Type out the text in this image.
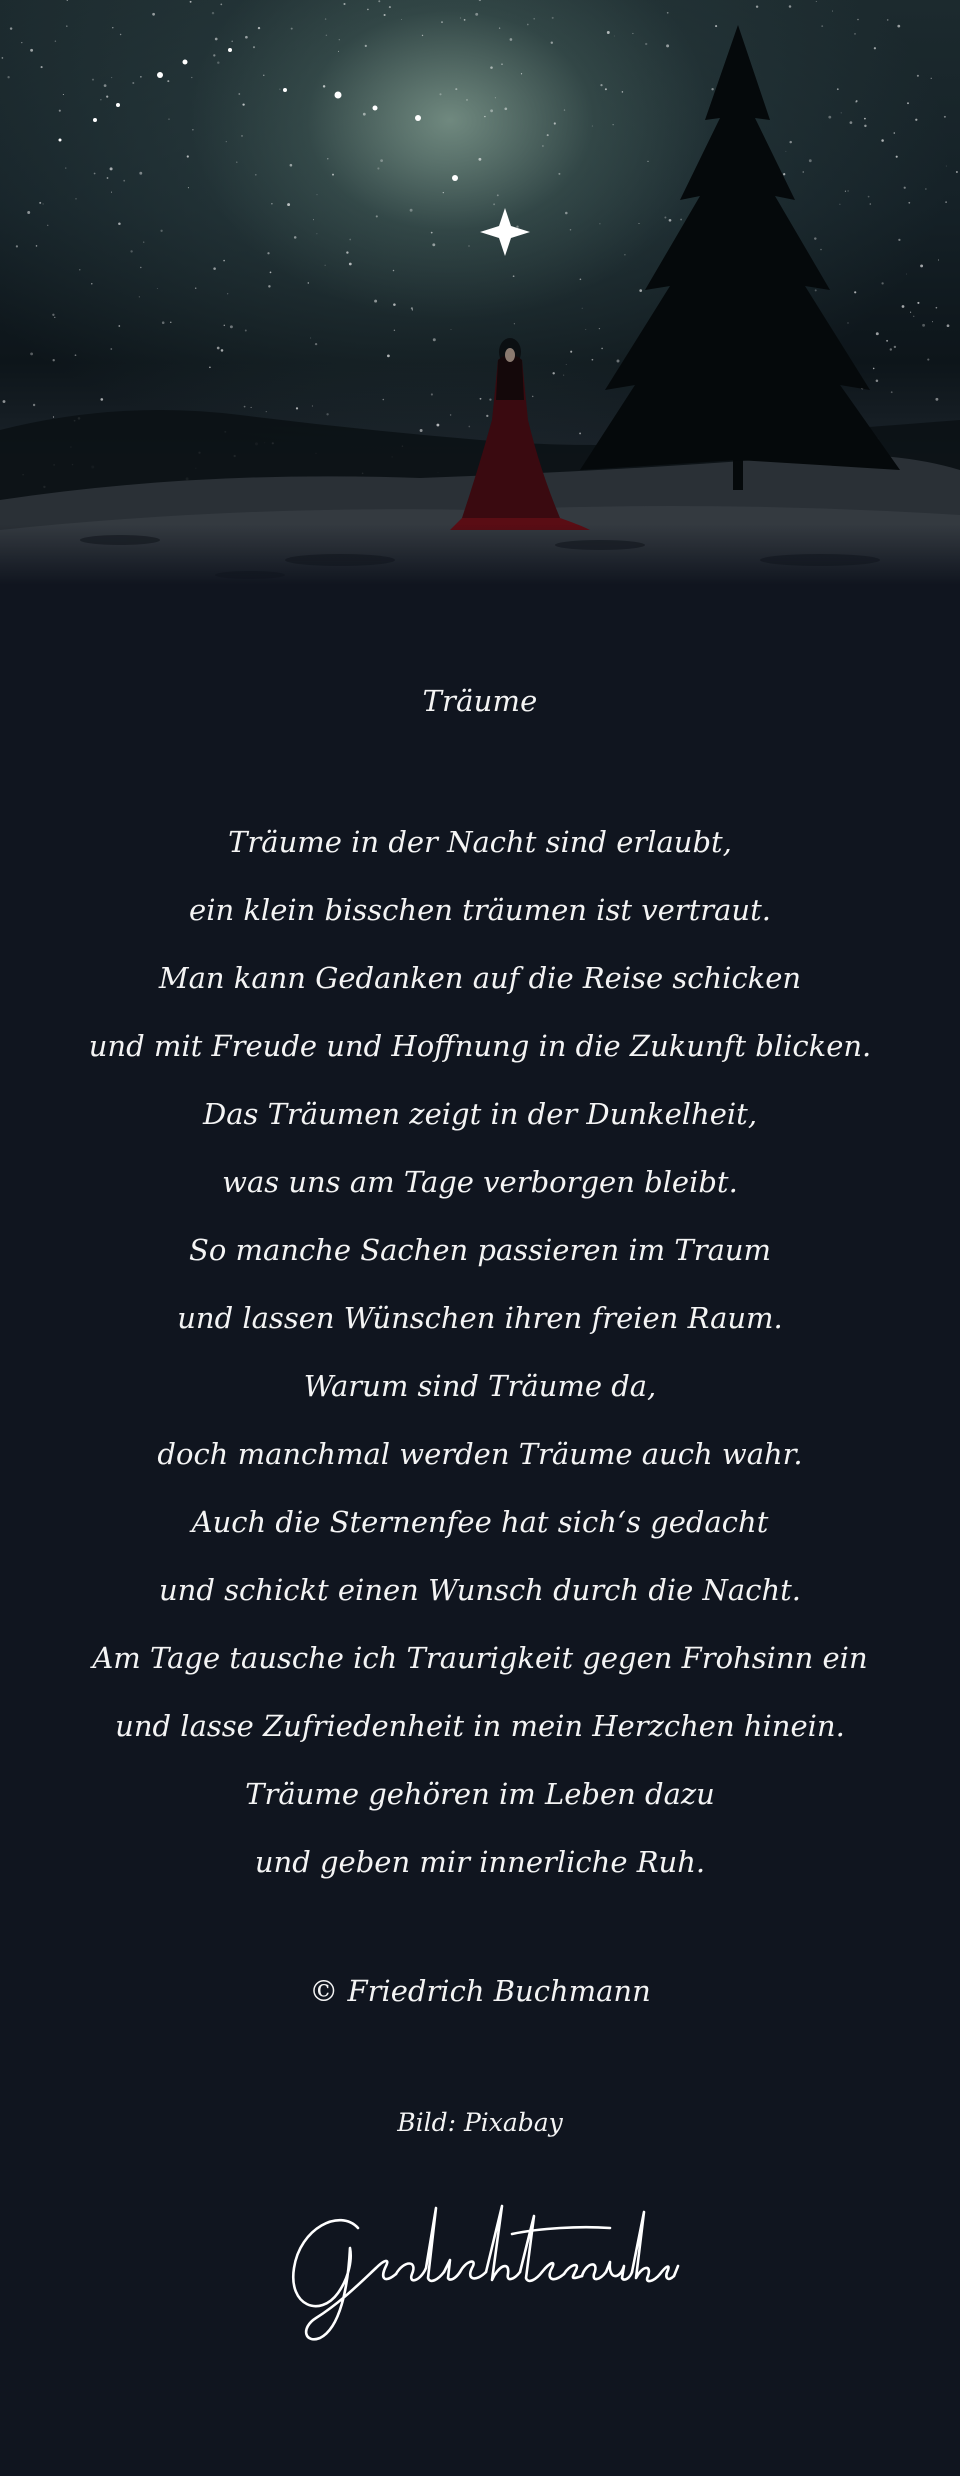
Träume
Träume in der Nacht sind erlaubt,
ein klein bisschen träumen ist vertraut.
Man kann Gedanken auf die Reise schicken
und mit Freude und Hoffnung in die Zukunft blicken.
Das Träumen zeigt in der Dunkelheit,
was uns am Tage verborgen bleibt.
So manche Sachen passieren im Traum
und lassen Wünschen ihren freien Raum.
Warum sind Träume da,
doch manchmal werden Träume auch wahr.
Auch die Sternenfee hat sich‘s gedacht
und schickt einen Wunsch durch die Nacht.
Am Tage tausche ich Traurigkeit gegen Frohsinn ein
und lasse Zufriedenheit in mein Herzchen hinein.
Träume gehören im Leben dazu
und geben mir innerliche Ruh.
© Friedrich Buchmann
Bild: Pixabay
